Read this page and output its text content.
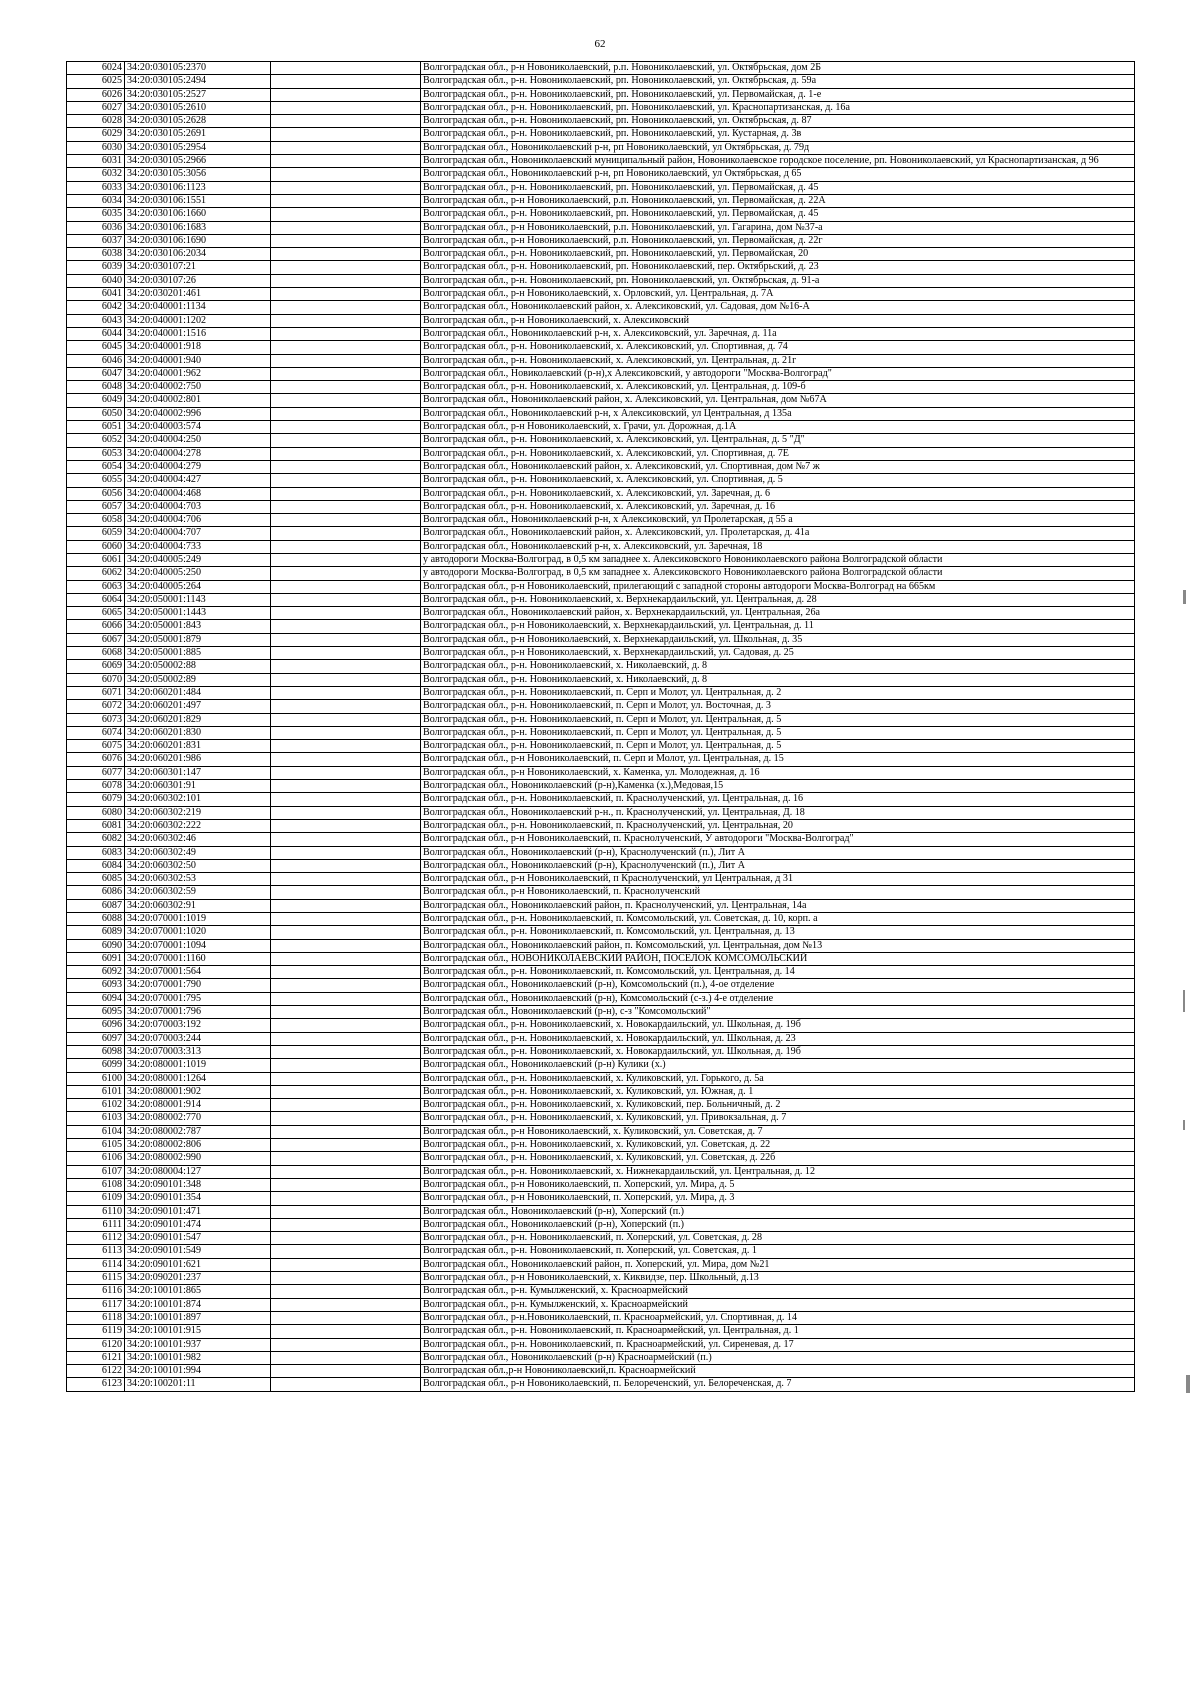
62
6024	34:20:030105:2370		Волгоградская обл., р-н Новониколаевский, р.п. Новониколаевский, ул. Октябрьская, дом 2Б
6025	34:20:030105:2494		Волгоградская обл., р-н. Новониколаевский, рп. Новониколаевский, ул. Октябрьская, д. 59а
6026	34:20:030105:2527		Волгоградская обл., р-н. Новониколаевский, рп. Новониколаевский, ул. Первомайская, д. 1-е
6027	34:20:030105:2610		Волгоградская обл., р-н. Новониколаевский, рп. Новониколаевский, ул. Краснопартизанская, д. 16а
6028	34:20:030105:2628		Волгоградская обл., р-н. Новониколаевский, рп. Новониколаевский, ул. Октябрьская, д. 87
6029	34:20:030105:2691		Волгоградская обл., р-н. Новониколаевский, рп. Новониколаевский, ул. Кустарная, д. 3в
6030	34:20:030105:2954		Волгоградская обл., Новониколаевский р-н, рп Новониколаевский, ул Октябрьская, д. 79д
6031	34:20:030105:2966		Волгоградская обл., Новониколаевский муниципальный район, Новониколаевское городское поселение, рп. Новониколаевский, ул Краснопартизанская, д 96
6032	34:20:030105:3056		Волгоградская обл., Новониколаевский р-н, рп Новониколаевский, ул Октябрьская, д 65
6033	34:20:030106:1123		Волгоградская обл., р-н. Новониколаевский, рп. Новониколаевский, ул. Первомайская, д. 45
6034	34:20:030106:1551		Волгоградская обл., р-н Новониколаевский, р.п. Новониколаевский, ул. Первомайская, д. 22А
6035	34:20:030106:1660		Волгоградская обл., р-н. Новониколаевский, рп. Новониколаевский, ул. Первомайская, д. 45
6036	34:20:030106:1683		Волгоградская обл., р-н Новониколаевский, р.п. Новониколаевский, ул. Гагарина, дом №37-а
6037	34:20:030106:1690		Волгоградская обл., р-н Новониколаевский, р.п. Новониколаевский, ул. Первомайская, д. 22г
6038	34:20:030106:2034		Волгоградская обл., р-н. Новониколаевский, рп. Новониколаевский, ул. Первомайская, 20
6039	34:20:030107:21		Волгоградская обл., р-н. Новониколаевский, рп. Новониколаевский, пер. Октябрьский, д. 23
6040	34:20:030107:26		Волгоградская обл., р-н. Новониколаевский, рп. Новониколаевский, ул. Октябрьская, д. 91-а
6041	34:20:030201:461		Волгоградская обл., р-н Новониколаевский, х. Орловский, ул. Центральная, д. 7А
6042	34:20:040001:1134		Волгоградская обл., Новониколаевский район, х. Алексиковский, ул. Садовая, дом №16-А
6043	34:20:040001:1202		Волгоградская обл., р-н Новониколаевский, х. Алексиковский
6044	34:20:040001:1516		Волгоградская обл., Новониколаевский р-н, х. Алексиковский, ул. Заречная, д. 11а
6045	34:20:040001:918		Волгоградская обл., р-н. Новониколаевский, х. Алексиковский, ул. Спортивная, д. 74
6046	34:20:040001:940		Волгоградская обл., р-н. Новониколаевский, х. Алексиковский, ул. Центральная, д. 21г
6047	34:20:040001:962		Волгоградская обл., Новиколаевский (р-н),х Алексиковский, у автодороги "Москва-Волгоград"
6048	34:20:040002:750		Волгоградская обл., р-н. Новониколаевский, х. Алексиковский, ул. Центральная, д. 109-б
6049	34:20:040002:801		Волгоградская обл., Новониколаевский район, х. Алексиковский, ул. Центральная, дом №67А
6050	34:20:040002:996		Волгоградская обл., Новониколаевский р-н, х Алексиковский, ул Центральная, д 135а
6051	34:20:040003:574		Волгоградская обл., р-н Новониколаевский, х. Грачи, ул. Дорожная, д.1А
6052	34:20:040004:250		Волгоградская обл., р-н. Новониколаевский, х. Алексиковский, ул. Центральная, д. 5 "Д"
6053	34:20:040004:278		Волгоградская обл., р-н. Новониколаевский, х. Алексиковский, ул. Спортивная, д. 7Е
6054	34:20:040004:279		Волгоградская обл., Новониколаевский район, х. Алексиковский, ул. Спортивная, дом №7 ж
6055	34:20:040004:427		Волгоградская обл., р-н. Новониколаевский, х. Алексиковский, ул. Спортивная, д. 5
6056	34:20:040004:468		Волгоградская обл., р-н. Новониколаевский, х. Алексиковский, ул. Заречная, д. 6
6057	34:20:040004:703		Волгоградская обл., р-н. Новониколаевский, х. Алексиковский, ул. Заречная, д. 16
6058	34:20:040004:706		Волгоградская обл., Новониколаевский р-н, х Алексиковский, ул Пролетарская, д 55 а
6059	34:20:040004:707		Волгоградская обл., Новониколаевский район, х. Алексиковский, ул. Пролетарская, д. 41а
6060	34:20:040004:733		Волгоградская обл., Новониколаевский р-н, х. Алексиковский, ул. Заречная, 18
6061	34:20:040005:249		у автодороги Москва-Волгоград, в 0,5 км западнее х. Алексиковского Новониколаевского района Волгоградской области
6062	34:20:040005:250		у автодороги Москва-Волгоград, в 0,5 км западнее х. Алексиковского Новониколаевского района Волгоградской области
6063	34:20:040005:264		Волгоградская обл., р-н Новониколаевский, прилегающий с западной стороны автодороги Москва-Волгоград на 665км
6064	34:20:050001:1143		Волгоградская обл., р-н. Новониколаевский, х. Верхнекардаильский, ул. Центральная, д. 28
6065	34:20:050001:1443		Волгоградская обл., Новониколаевский район, х. Верхнекардаильский, ул. Центральная, 26а
6066	34:20:050001:843		Волгоградская обл., р-н Новониколаевский, х. Верхнекардаильский, ул. Центральная, д. 11
6067	34:20:050001:879		Волгоградская обл., р-н Новониколаевский, х. Верхнекардаильский, ул. Школьная, д. 35
6068	34:20:050001:885		Волгоградская обл., р-н Новониколаевский, х. Верхнекардаильский, ул. Садовая, д. 25
6069	34:20:050002:88		Волгоградская обл., р-н. Новониколаевский, х. Николаевский, д. 8
6070	34:20:050002:89		Волгоградская обл., р-н. Новониколаевский, х. Николаевский, д. 8
6071	34:20:060201:484		Волгоградская обл., р-н. Новониколаевский, п. Серп и Молот, ул. Центральная, д. 2
6072	34:20:060201:497		Волгоградская обл., р-н. Новониколаевский, п. Серп и Молот, ул. Восточная, д. 3
6073	34:20:060201:829		Волгоградская обл., р-н. Новониколаевский, п. Серп и Молот, ул. Центральная, д. 5
6074	34:20:060201:830		Волгоградская обл., р-н. Новониколаевский, п. Серп и Молот, ул. Центральная, д. 5
6075	34:20:060201:831		Волгоградская обл., р-н. Новониколаевский, п. Серп и Молот, ул. Центральная, д. 5
6076	34:20:060201:986		Волгоградская обл., р-н Новониколаевский, п. Серп и Молот, ул. Центральная, д. 15
6077	34:20:060301:147		Волгоградская обл., р-н Новониколаевский, х. Каменка, ул. Молодежная, д. 16
6078	34:20:060301:91		Волгоградская обл., Новониколаевский (р-н),Каменка (х.),Медовая,15
6079	34:20:060302:101		Волгоградская обл., р-н. Новониколаевский, п. Краснолученский, ул. Центральная, д. 16
6080	34:20:060302:219		Волгоградская обл., Новониколаевский р-н., п. Краснолученский, ул. Центральная, Д. 18
6081	34:20:060302:222		Волгоградская обл., р-н. Новониколаевский, п. Краснолученский, ул. Центральная, 20
6082	34:20:060302:46		Волгоградская обл., р-н Новониколаевский, п. Краснолученский, У автодороги "Москва-Волгоград"
6083	34:20:060302:49		Волгоградская обл., Новониколаевский (р-н), Краснолученский (п.), Лит А
6084	34:20:060302:50		Волгоградская обл., Новониколаевский (р-н), Краснолученский (п.), Лит А
6085	34:20:060302:53		Волгоградская обл., р-н Новониколаевский, п Краснолученский, ул Центральная, д 31
6086	34:20:060302:59		Волгоградская обл., р-н Новониколаевский, п. Краснолученский
6087	34:20:060302:91		Волгоградская обл., Новониколаевский район, п. Краснолученский, ул. Центральная, 14а
6088	34:20:070001:1019		Волгоградская обл., р-н. Новониколаевский, п. Комсомольский, ул. Советская, д. 10, корп. а
6089	34:20:070001:1020		Волгоградская обл., р-н. Новониколаевский, п. Комсомольский, ул. Центральная, д. 13
6090	34:20:070001:1094		Волгоградская обл., Новониколаевский район, п. Комсомольский, ул. Центральная, дом №13
6091	34:20:070001:1160		Волгоградская обл., НОВОНИКОЛАЕВСКИЙ РАЙОН, ПОСЕЛОК КОМСОМОЛЬСКИЙ
6092	34:20:070001:564		Волгоградская обл., р-н. Новониколаевский, п. Комсомольский, ул. Центральная, д. 14
6093	34:20:070001:790		Волгоградская обл., Новониколаевский (р-н), Комсомольский (п.), 4-ое отделение
6094	34:20:070001:795		Волгоградская обл., Новониколаевский (р-н), Комсомольский (с-з.) 4-е отделение
6095	34:20:070001:796		Волгоградская обл., Новониколаевский (р-н), с-з "Комсомольский"
6096	34:20:070003:192		Волгоградская обл., р-н. Новониколаевский, х. Новокардаильский, ул. Школьная, д. 19б
6097	34:20:070003:244		Волгоградская обл., р-н. Новониколаевский, х. Новокардаильский, ул. Школьная, д. 23
6098	34:20:070003:313		Волгоградская обл., р-н. Новониколаевский, х. Новокардаильский, ул. Школьная, д. 19б
6099	34:20:080001:1019		Волгоградская обл., Новониколаевский (р-н) Кулики (х.)
6100	34:20:080001:1264		Волгоградская обл., р-н. Новониколаевский, х. Куликовский, ул. Горького, д. 5а
6101	34:20:080001:902		Волгоградская обл., р-н. Новониколаевский, х. Куликовский, ул. Южная, д. 1
6102	34:20:080001:914		Волгоградская обл., р-н. Новониколаевский, х. Куликовский, пер. Больничный, д. 2
6103	34:20:080002:770		Волгоградская обл., р-н. Новониколаевский, х. Куликовский, ул. Привокзальная, д. 7
6104	34:20:080002:787		Волгоградская обл., р-н Новониколаевский, х. Куликовский, ул. Советская, д. 7
6105	34:20:080002:806		Волгоградская обл., р-н. Новониколаевский, х. Куликовский, ул. Советская, д. 22
6106	34:20:080002:990		Волгоградская обл., р-н. Новониколаевский, х. Куликовский, ул. Советская, д. 22б
6107	34:20:080004:127		Волгоградская обл., р-н. Новониколаевский, х. Нижнекардаильский, ул. Центральная, д. 12
6108	34:20:090101:348		Волгоградская обл., р-н Новониколаевский, п. Хоперский, ул. Мира, д. 5
6109	34:20:090101:354		Волгоградская обл., р-н Новониколаевский, п. Хоперский, ул. Мира, д. 3
6110	34:20:090101:471		Волгоградская обл., Новониколаевский (р-н), Хоперский (п.)
6111	34:20:090101:474		Волгоградская обл., Новониколаевский (р-н), Хоперский (п.)
6112	34:20:090101:547		Волгоградская обл., р-н. Новониколаевский, п. Хоперский, ул. Советская, д. 28
6113	34:20:090101:549		Волгоградская обл., р-н. Новониколаевский, п. Хоперский, ул. Советская, д. 1
6114	34:20:090101:621		Волгоградская обл., Новониколаевский район, п. Хоперский, ул. Мира, дом №21
6115	34:20:090201:237		Волгоградская обл., р-н Новониколаевский, х. Киквидзе, пер. Школьный, д.13
6116	34:20:100101:865		Волгоградская обл., р-н. Кумылженский, х. Красноармейский
6117	34:20:100101:874		Волгоградская обл., р-н. Кумылженский, х. Красноармейский
6118	34:20:100101:897		Волгоградская обл., р-н.Новониколаевский, п. Красноармейский, ул. Спортивная, д. 14
6119	34:20:100101:915		Волгоградская обл., р-н. Новониколаевский, п. Красноармейский, ул. Центральная, д. 1
6120	34:20:100101:937		Волгоградская обл., р-н. Новониколаевский, п. Красноармейский, ул. Сиреневая, д. 17
6121	34:20:100101:982		Волгоградская обл., Новониколаевский (р-н) Красноармейский (п.)
6122	34:20:100101:994		Волгоградская обл.,р-н Новониколаевский,п. Красноармейский
6123	34:20:100201:11		Волгоградская обл., р-н Новониколаевский, п. Белореченский, ул. Белореченская, д. 7
